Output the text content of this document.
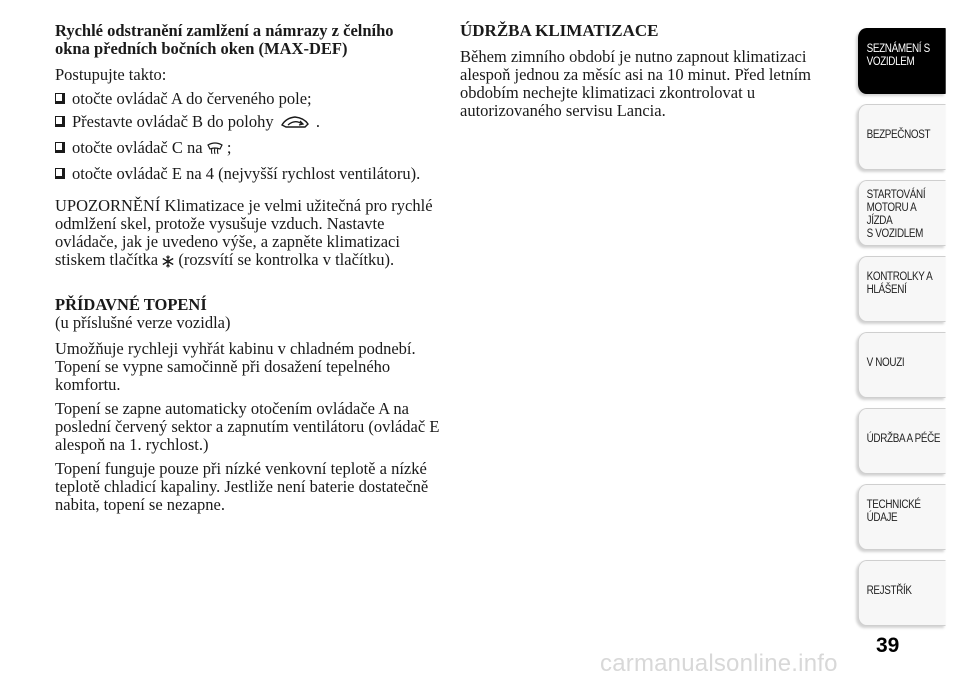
Rychlé odstranění zamlžení a námrazy z čelního
okna předních bočních oken (MAX-DEF)

Postupujte takto:

otočte ovládač A do červeného pole;
Přestavte ovládač B do polohy	.
otočte ovládač C na ;
otočte ovládač E na 4 (nejvyšší rychlost ventilátoru).

UPOZORNĚNÍ Klimatizace je velmi užitečná pro rychlé odmlžení skel, protože vysušuje vzduch. Nastavte ovládače, jak je uvedeno výše, a zapněte klimatizaci stiskem tlačítka (rozsvítí se kontrolka v tlačítku).

PŘÍDAVNÉ TOPENÍ

(u příslušné verze vozidla)

Umožňuje rychleji vyhřát kabinu v chladném podnebí. Topení se vypne samočinně při dosažení tepelného komfortu.

Topení se zapne automaticky otočením ovládače A na poslední červený sektor a zapnutím ventilátoru (ovládač E alespoň na 1. rychlost.)

Topení funguje pouze při nízké venkovní teplotě a nízké teplotě chladicí kapaliny. Jestliže není baterie dostatečně nabita, topení se nezapne.

ÚDRŽBA KLIMATIZACE

Během zimního období je nutno zapnout klimatizaci alespoň jednou za měsíc asi na 10 minut. Před letním obdobím nechejte klimatizaci zkontrolovat u autorizovaného servisu Lancia.

SEZNÁMENÍ S
VOZIDLEM
BEZPEČNOST
STARTOVÁNÍ
MOTORU A JÍZDA
S VOZIDLEM
KONTROLKY A
HLÁŠENÍ
V NOUZI
ÚDRŽBA A PÉČE
TECHNICKÉ
ÚDAJE
REJSTŘÍK
39
carmanualsonline.info
